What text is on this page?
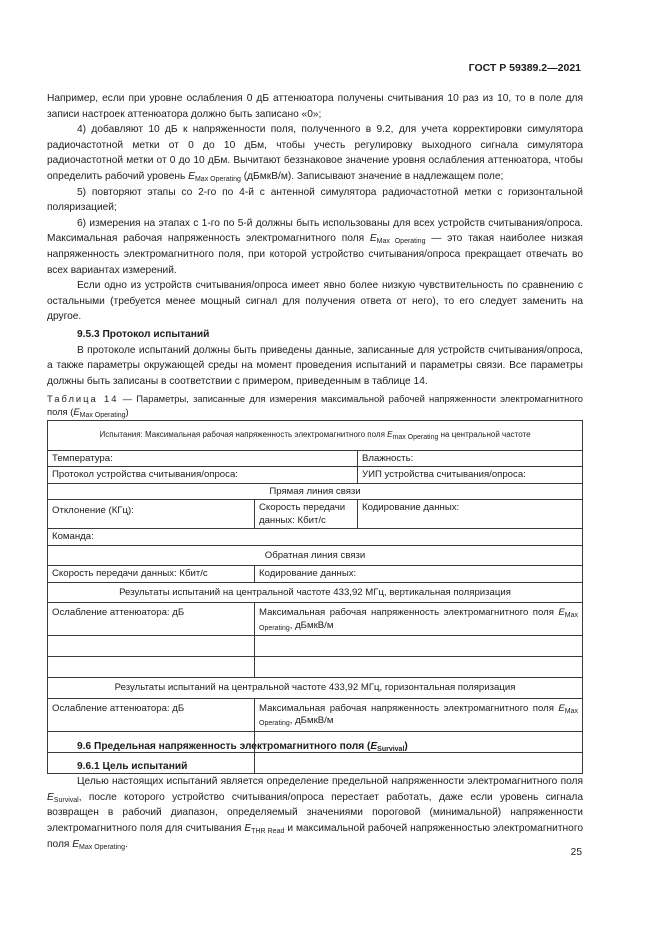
ГОСТ Р 59389.2—2021

Например, если при уровне ослабления 0 дБ аттенюатора получены считывания 10 раз из 10, то в поле для записи настроек аттенюатора должно быть записано «0»;

4) добавляют 10 дБ к напряженности поля, полученного в 9.2, для учета корректировки симулятора радиочастотной метки от 0 до 10 дБм, чтобы учесть регулировку выходного сигнала симулятора радиочастотной метки от 0 до 10 дБм. Вычитают беззнаковое значение уровня ослабления аттенюатора, чтобы определить рабочий уровень $E_{Max Operating}$ (дБмкВ/м). Записывают значение в надлежащем поле;

5) повторяют этапы со 2-го по 4-й с антенной симулятора радиочастотной метки с горизонтальной поляризацией;

6) измерения на этапах с 1-го по 5-й должны быть использованы для всех устройств считывания/опроса. Максимальная рабочая напряженность электромагнитного поля $E_{Max Operating}$ — это такая наиболее низкая напряженность электромагнитного поля, при которой устройство считывания/опроса прекращает отвечать во всех вариантах измерений.

Если одно из устройств считывания/опроса имеет явно более низкую чувствительность по сравнению с остальными (требуется менее мощный сигнал для получения ответа от него), то его следует заменить на другое.

9.5.3 Протокол испытаний

В протоколе испытаний должны быть приведены данные, записанные для устройств считывания/опроса, а также параметры окружающей среды на момент проведения испытаний и параметры связи. Все параметры должны быть записаны в соответствии с примером, приведенным в таблице 14.

Таблица 14 — Параметры, записанные для измерения максимальной рабочей напряженности электромагнитного поля $(E_{Max Operating})$

Испытания: Максимальная рабочая напряженность электромагнитного поля $E_{max Operating}$ на центральной частоте		
Температура:		Влажность:
Протокол устройства считывания/опроса:		УИП устройства считывания/опроса:
Прямая линия связи		
Отклонение (КГц):	Скорость передачи данных: Кбит/с	Кодирование данных:
Команда:		
Обратная линия связи		
Скорость передачи данных: Кбит/с	Кодирование данных:	
Результаты испытаний на центральной частоте 433,92 МГц, вертикальная поляризация		
Ослабление аттенюатора: дБ	Максимальная рабочая напряженность электромагнитного поля $E_{Max Operating}$, дБмкВ/м	

Результаты испытаний на центральной частоте 433,92 МГц, горизонтальная поляризация		
Ослабление аттенюатора: дБ	Максимальная рабочая напряженность электромагнитного поля $E_{Max Operating}$, дБмкВ/м	

9.6 Предельная напряженность электромагнитного поля $(E_{Survival})$

9.6.1 Цель испытаний

Целью настоящих испытаний является определение предельной напряженности электромагнитного поля $E_{Survival}$, после которого устройство считывания/опроса перестает работать, даже если уровень сигнала возвращен в рабочий диапазон, определяемый значениями пороговой (минимальной) напряженности электромагнитного поля для считывания $E_{THR Read}$ и максимальной рабочей напряженностью электромагнитного поля $E_{Max Operating}$.

25
